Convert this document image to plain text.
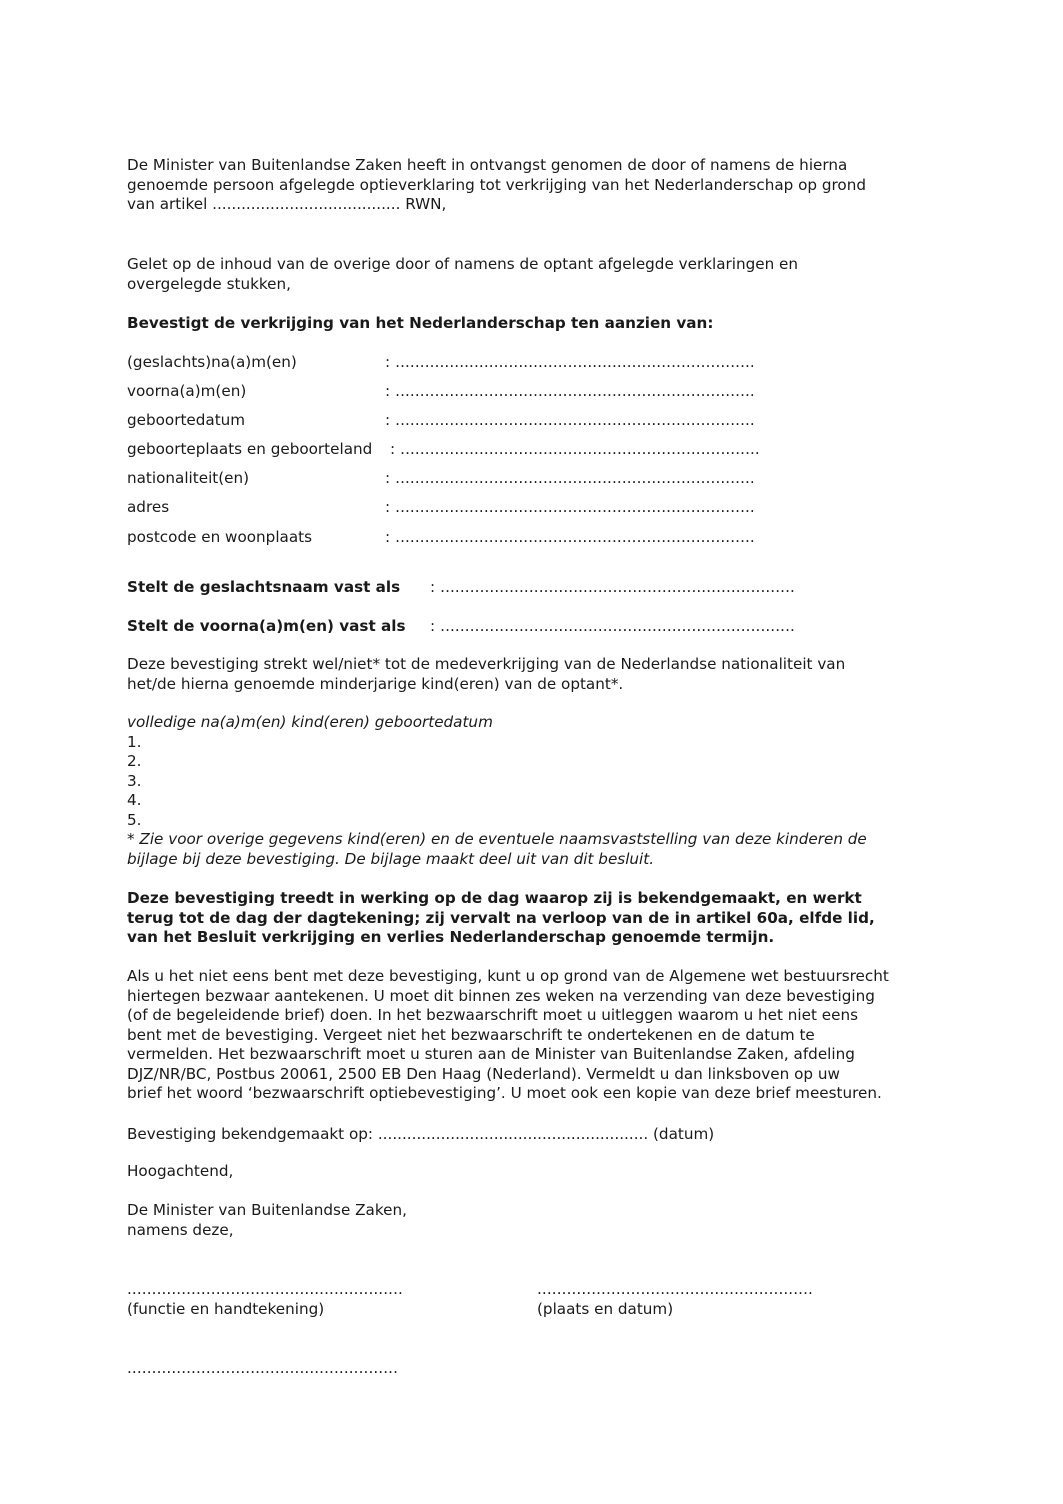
De Minister van Buitenlandse Zaken heeft in ontvangst genomen de door of namens de hierna
genoemde persoon afgelegde optieverklaring tot verkrijging van het Nederlanderschap op grond
van artikel ....................................... RWN,
Gelet op de inhoud van de overige door of namens de optant afgelegde verklaringen en
overgelegde stukken,
Bevestigt de verkrijging van het Nederlanderschap ten aanzien van:
(geslachts)na(a)m(en)	: .........................................................................
voorna(a)m(en)	: .........................................................................
geboortedatum	: .........................................................................
geboorteplaats en geboorteland : .........................................................................
nationaliteit(en)	: .........................................................................
adres	: .........................................................................
postcode en woonplaats	: .........................................................................
Stelt de geslachtsnaam vast als : ........................................................................
Stelt de voorna(a)m(en) vast als : ........................................................................
Deze bevestiging strekt wel/niet* tot de medeverkrijging van de Nederlandse nationaliteit van
het/de hierna genoemde minderjarige kind(eren) van de optant*.
volledige na(a)m(en) kind(eren) geboortedatum
1.
2.
3.
4.
5.
* Zie voor overige gegevens kind(eren) en de eventuele naamsvaststelling van deze kinderen de
bijlage bij deze bevestiging. De bijlage maakt deel uit van dit besluit.
Deze bevestiging treedt in werking op de dag waarop zij is bekendgemaakt, en werkt
terug tot de dag der dagtekening; zij vervalt na verloop van de in artikel 60a, elfde lid,
van het Besluit verkrijging en verlies Nederlanderschap genoemde termijn.
Als u het niet eens bent met deze bevestiging, kunt u op grond van de Algemene wet bestuursrecht
hiertegen bezwaar aantekenen. U moet dit binnen zes weken na verzending van deze bevestiging
(of de begeleidende brief) doen. In het bezwaarschrift moet u uitleggen waarom u het niet eens
bent met de bevestiging. Vergeet niet het bezwaarschrift te ondertekenen en de datum te
vermelden. Het bezwaarschrift moet u sturen aan de Minister van Buitenlandse Zaken, afdeling
DJZ/NR/BC, Postbus 20061, 2500 EB Den Haag (Nederland). Vermeldt u dan linksboven op uw
brief het woord ‘bezwaarschrift optiebevestiging’. U moet ook een kopie van deze brief meesturen.
Bevestiging bekendgemaakt op: ........................................................ (datum)
Hoogachtend,
De Minister van Buitenlandse Zaken,
namens deze,
........................................................
(functie en handtekening)
........................................................
(plaats en datum)
.......................................................
